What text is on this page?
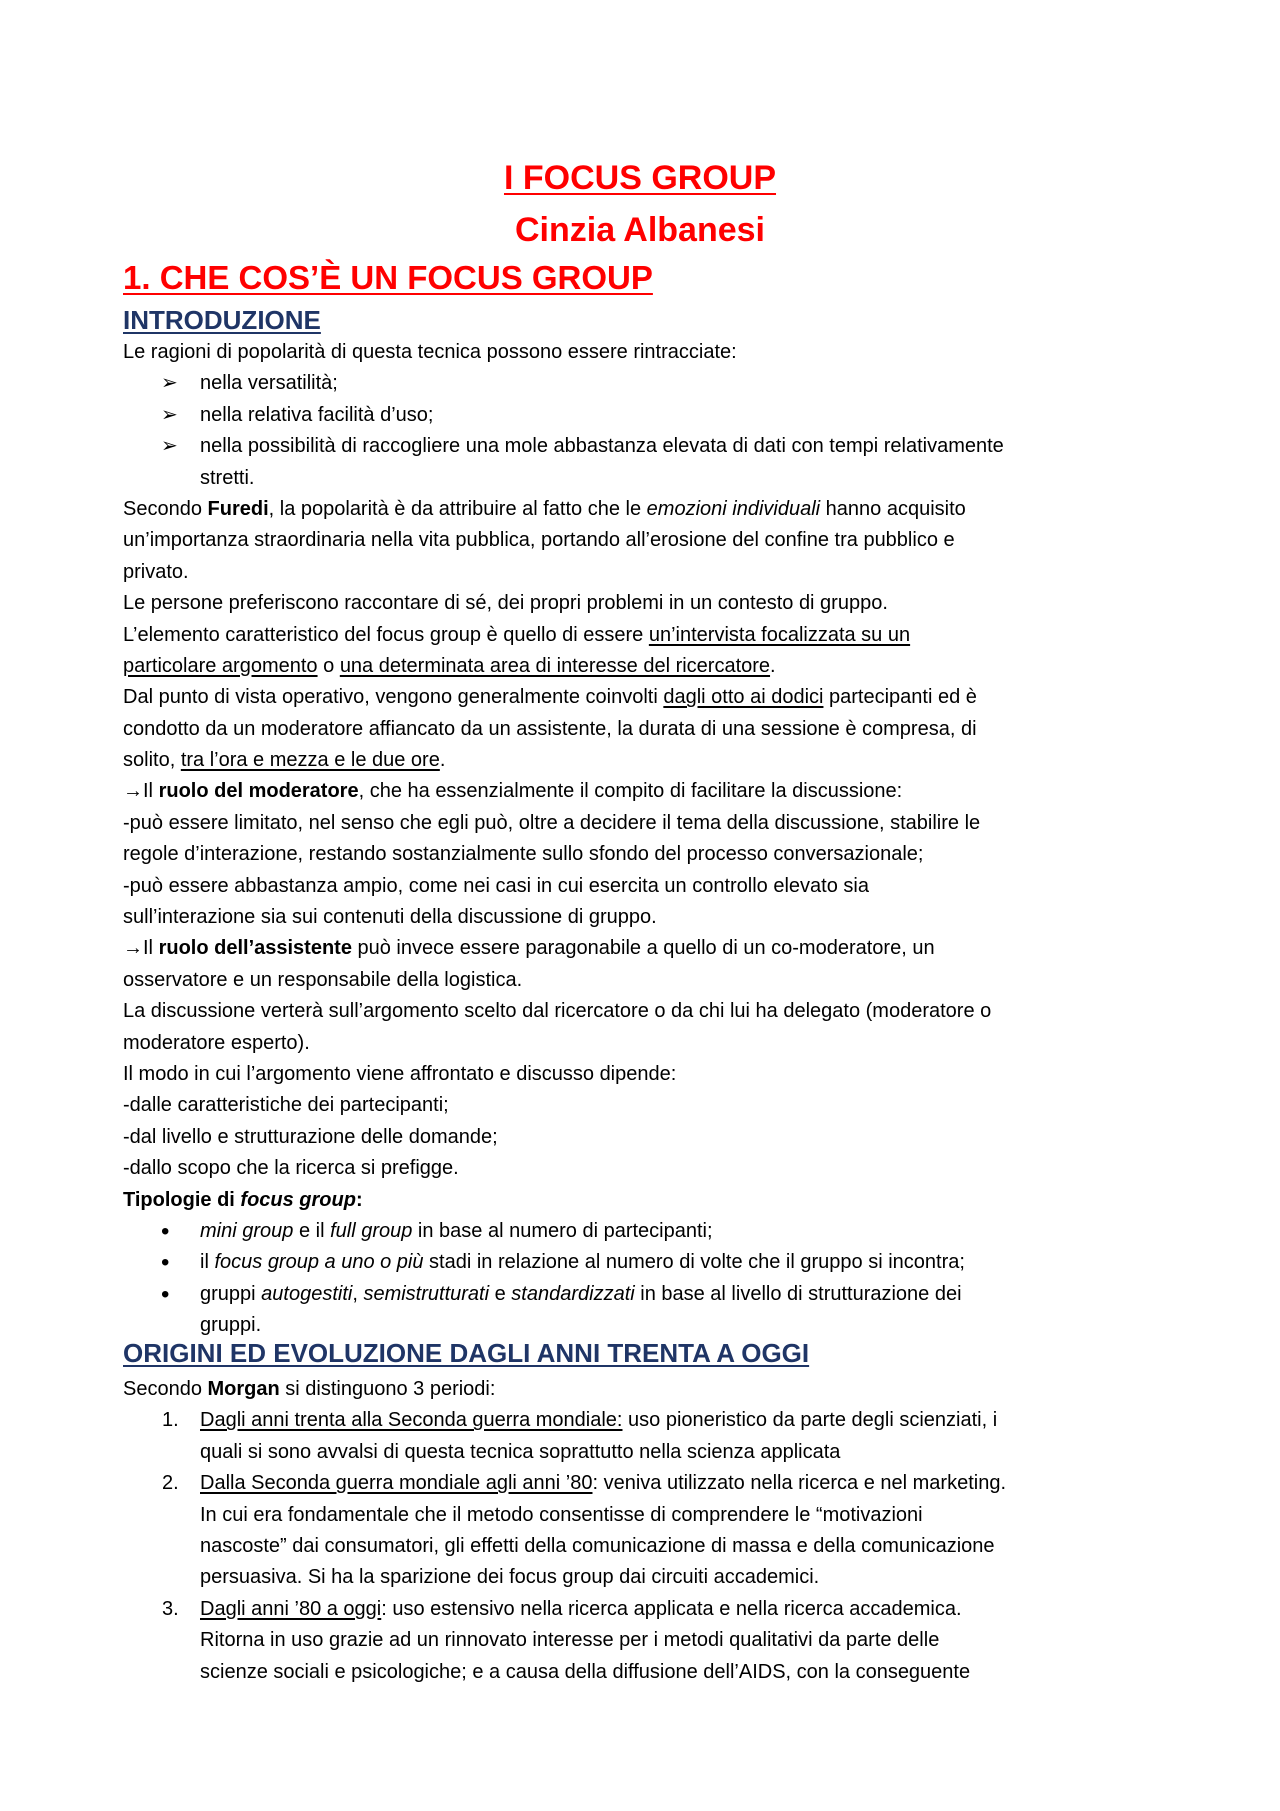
I FOCUS GROUP
Cinzia Albanesi
1. CHE COS’È UN FOCUS GROUP
INTRODUZIONE
Le ragioni di popolarità di questa tecnica possono essere rintracciate:
➢	nella versatilità;
➢	nella relativa facilità d’uso;
➢	nella possibilità di raccogliere una mole abbastanza elevata di dati con tempi relativamente
stretti.
Secondo Furedi, la popolarità è da attribuire al fatto che le emozioni individuali hanno acquisito
un’importanza straordinaria nella vita pubblica, portando all’erosione del confine tra pubblico e
privato.
Le persone preferiscono raccontare di sé, dei propri problemi in un contesto di gruppo.
L’elemento caratteristico del focus group è quello di essere un’intervista focalizzata su un
particolare argomento o una determinata area di interesse del ricercatore.
Dal punto di vista operativo, vengono generalmente coinvolti dagli otto ai dodici partecipanti ed è
condotto da un moderatore affiancato da un assistente, la durata di una sessione è compresa, di
solito, tra l’ora e mezza e le due ore.
→Il ruolo del moderatore, che ha essenzialmente il compito di facilitare la discussione:
-può essere limitato, nel senso che egli può, oltre a decidere il tema della discussione, stabilire le
regole d’interazione, restando sostanzialmente sullo sfondo del processo conversazionale;
-può essere abbastanza ampio, come nei casi in cui esercita un controllo elevato sia
sull’interazione sia sui contenuti della discussione di gruppo.
→Il ruolo dell’assistente può invece essere paragonabile a quello di un co-moderatore, un
osservatore e un responsabile della logistica.
La discussione verterà sull’argomento scelto dal ricercatore o da chi lui ha delegato (moderatore o
moderatore esperto).
Il modo in cui l’argomento viene affrontato e discusso dipende:
-dalle caratteristiche dei partecipanti;
-dal livello e strutturazione delle domande;
-dallo scopo che la ricerca si prefigge.
Tipologie di focus group:
•	mini group e il full group in base al numero di partecipanti;
•	il focus group a uno o più stadi in relazione al numero di volte che il gruppo si incontra;
•	gruppi autogestiti, semistrutturati e standardizzati in base al livello di strutturazione dei
gruppi.
ORIGINI ED EVOLUZIONE DAGLI ANNI TRENTA A OGGI
Secondo Morgan si distinguono 3 periodi:
1.	Dagli anni trenta alla Seconda guerra mondiale: uso pioneristico da parte degli scienziati, i
quali si sono avvalsi di questa tecnica soprattutto nella scienza applicata
2.	Dalla Seconda guerra mondiale agli anni ’80: veniva utilizzato nella ricerca e nel marketing.
In cui era fondamentale che il metodo consentisse di comprendere le “motivazioni
nascoste” dai consumatori, gli effetti della comunicazione di massa e della comunicazione
persuasiva. Si ha la sparizione dei focus group dai circuiti accademici.
3.	Dagli anni ’80 a oggi: uso estensivo nella ricerca applicata e nella ricerca accademica.
Ritorna in uso grazie ad un rinnovato interesse per i metodi qualitativi da parte delle
scienze sociali e psicologiche; e a causa della diffusione dell’AIDS, con la conseguente
